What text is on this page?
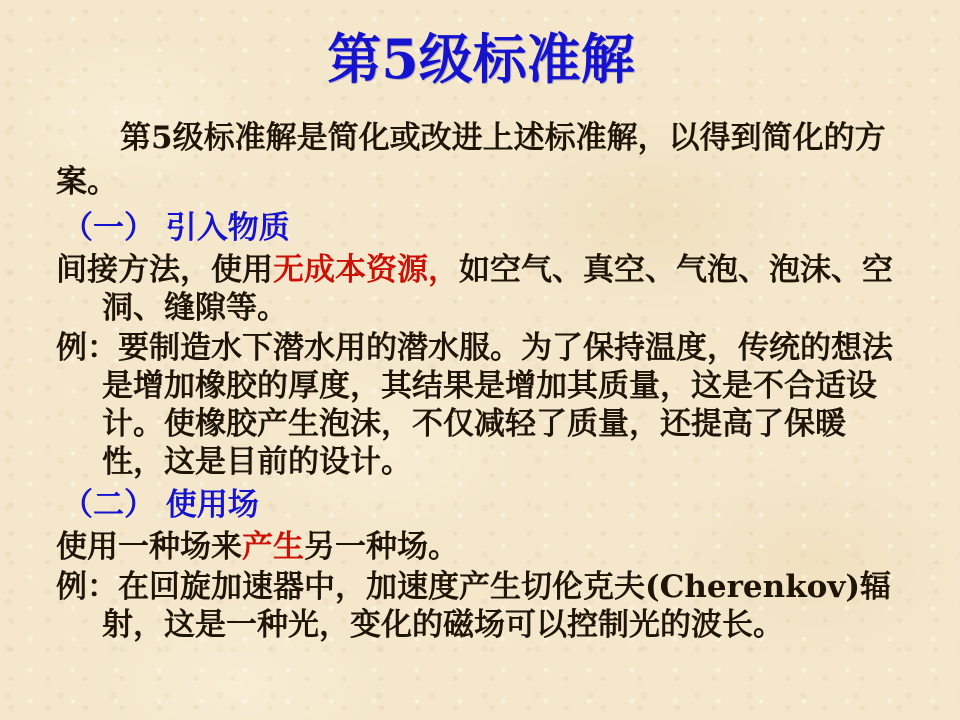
第5级标准解
第5级标准解是简化或改进上述标准解，以得到简化的方案。
（一） 引入物质
间接方法，使用无成本资源，如空气、真空、气泡、泡沫、空洞、缝隙等。
例：要制造水下潜水用的潜水服。为了保持温度，传统的想法是增加橡胶的厚度，其结果是增加其质量，这是不合适设计。使橡胶产生泡沫，不仅减轻了质量，还提高了保暖性，这是目前的设计。
（二） 使用场
使用一种场来产生另一种场。
例：在回旋加速器中，加速度产生切伦克夫(Cherenkov)辐射，这是一种光，变化的磁场可以控制光的波长。
